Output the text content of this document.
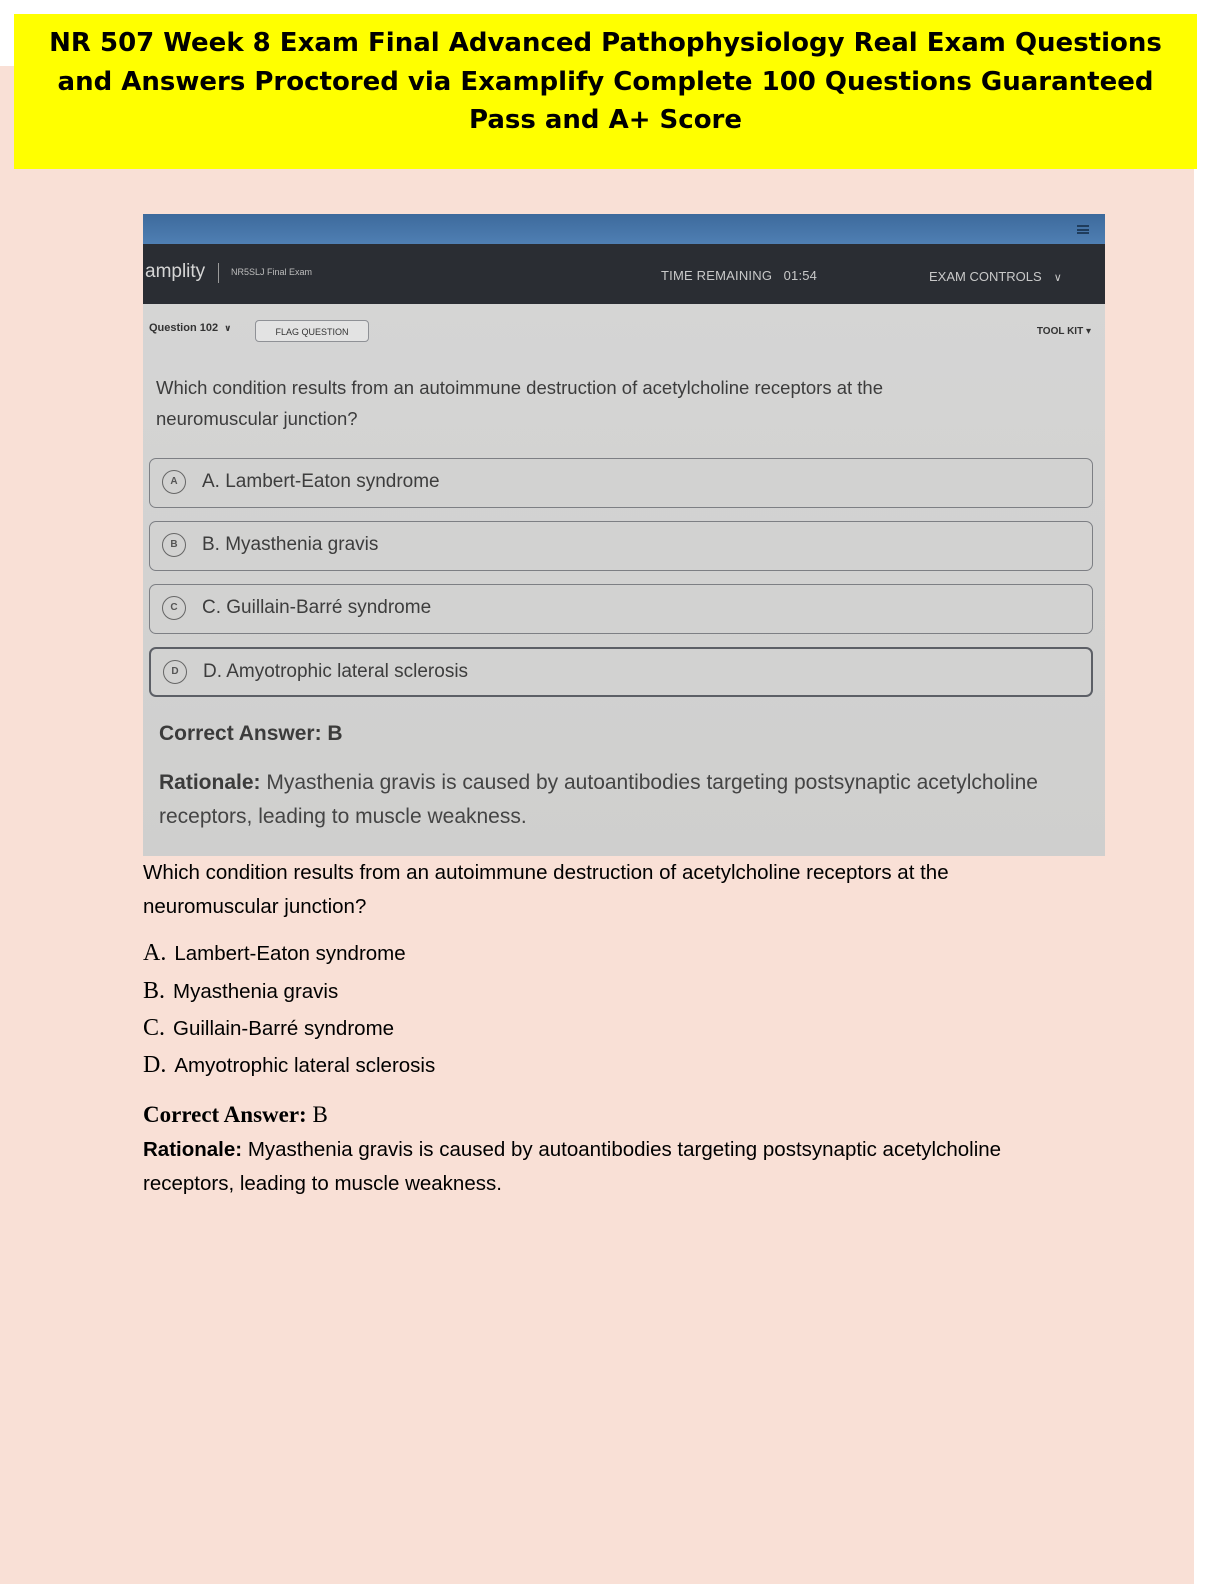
NR 507 Week 8 Exam Final Advanced Pathophysiology Real Exam Questions and Answers Proctored via Examplify Complete 100 Questions Guaranteed Pass and A+ Score
amplity	NR5SLJ Final Exam	TIME REMAINING 01:54	EXAM CONTROLS ∨
Question 102 ∨	FLAG QUESTION	TOOL KIT ▾
Which condition results from an autoimmune destruction of acetylcholine receptors at the neuromuscular junction?
A	A. Lambert-Eaton syndrome
B	B. Myasthenia gravis
C	C. Guillain-Barré syndrome
D	D. Amyotrophic lateral sclerosis
Correct Answer: B
Rationale: Myasthenia gravis is caused by autoantibodies targeting postsynaptic acetylcholine receptors, leading to muscle weakness.
Which condition results from an autoimmune destruction of acetylcholine receptors at the neuromuscular junction?
A. Lambert-Eaton syndrome
B. Myasthenia gravis
C. Guillain-Barré syndrome
D. Amyotrophic lateral sclerosis
Correct Answer: B
Rationale: Myasthenia gravis is caused by autoantibodies targeting postsynaptic acetylcholine receptors, leading to muscle weakness.
